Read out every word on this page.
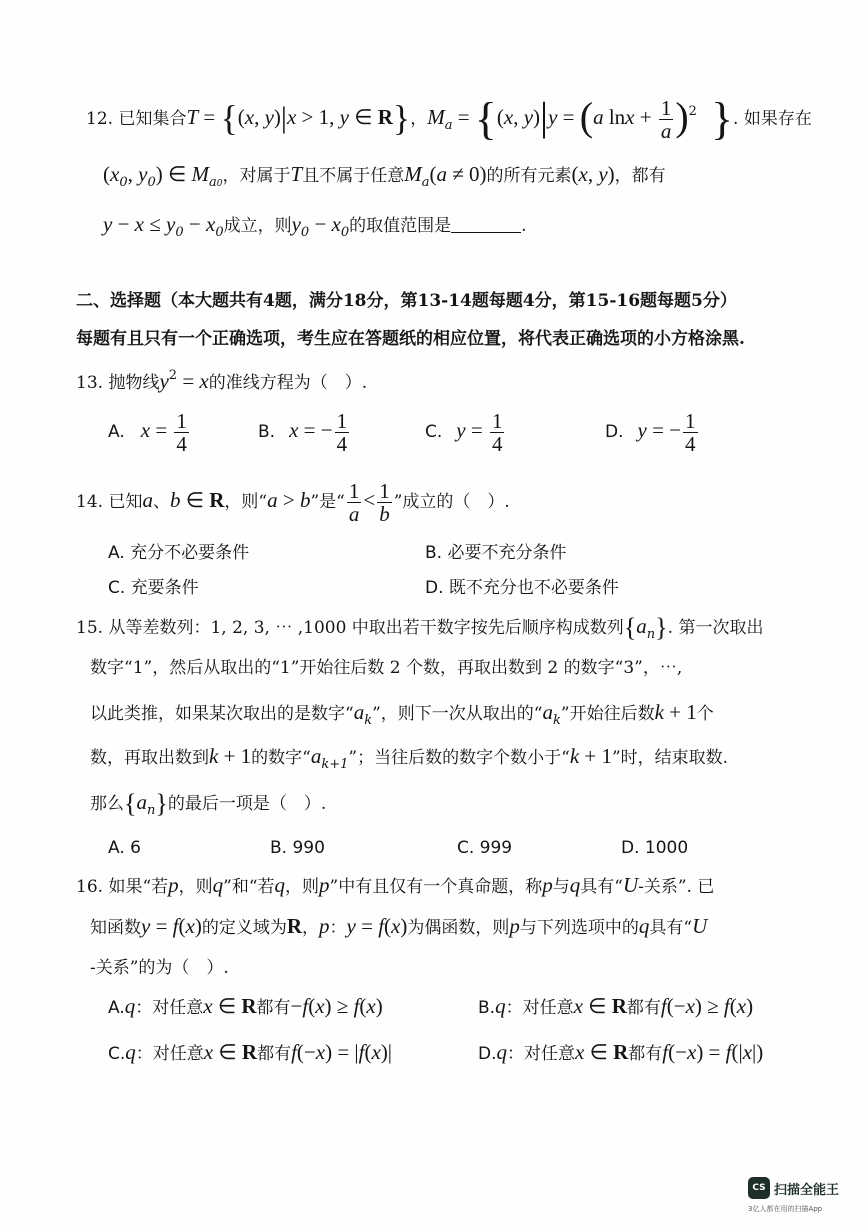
12. 已知集合T = {(x, y)|x > 1, y ∈ R}，$M_a = \{(x$, y)|y = (a $\ln x + \frac{1}{a} )^2$ }. 如果存在
($x_0$, $y_0$) ∈ $M_{a0}$，对属于T且不属于任意$M_a(a \ne 0)$的所有元素(x, y)，都有
$y - x \le y_0 - x_0$成立，则$y_0 - x_0$的取值范围是	.
二、选择题（本大题共有4题，满分18分，第13-14题每题4分，第15-16题每题5分）
每题有且只有一个正确选项，考生应在答题纸的相应位置，将代表正确选项的小方格涂黑.
13. 抛物线$y^2 = x$的准线方程为（　）.
A. $x = \frac{1}{4}$	B. x = − $\frac{1}{4}$	C. $y = \frac{1}{4}$	D. y = − $\frac{1}{4}$
14. 已知a、b ∈ R，则“a > b”是“ $\frac{1}{a} < \frac{1}{b}$ ”成立的（　）.
A. 充分不必要条件	B. 必要不充分条件
C. 充要条件	D. 既不充分也不必要条件
15. 从等差数列：1, 2, 3, ⋯ ,1000 中取出若干数字按先后顺序构成数列$\{a_n\}$. 第一次取出
数字“1”，然后从取出的“1”开始往后数 2 个数，再取出数到 2 的数字“3”，⋯,
以此类推，如果某次取出的是数字“$a_k$”，则下一次从取出的“$a_k$”开始往后数k + 1个
数，再取出数到k + 1的数字“$a_{k+1}$”；当往后数的数字个数小于“k + 1”时，结束取数.
那么$\{a_n\}$的最后一项是（　）.
A. 6	B. 990	C. 999	D. 1000
16. 如果“若p，则q”和“若q，则p”中有且仅有一个真命题，称p与q具有“U-关系”. 已
知函数y = f(x)的定义域为R，p：y = f(x)为偶函数，则p与下列选项中的q具有“U
-关系”的为（　）.
A.q：对任意x ∈ R都有−f(x) ≥ f(x)	B.q：对任意x ∈ R都有f(−x) ≥ f(x)
C.q：对任意x ∈ R都有f(−x) = |f(x)|	D.q：对任意x ∈ R都有f(−x) = f(|x|)
CS 扫描全能王
3亿人都在用的扫描App
